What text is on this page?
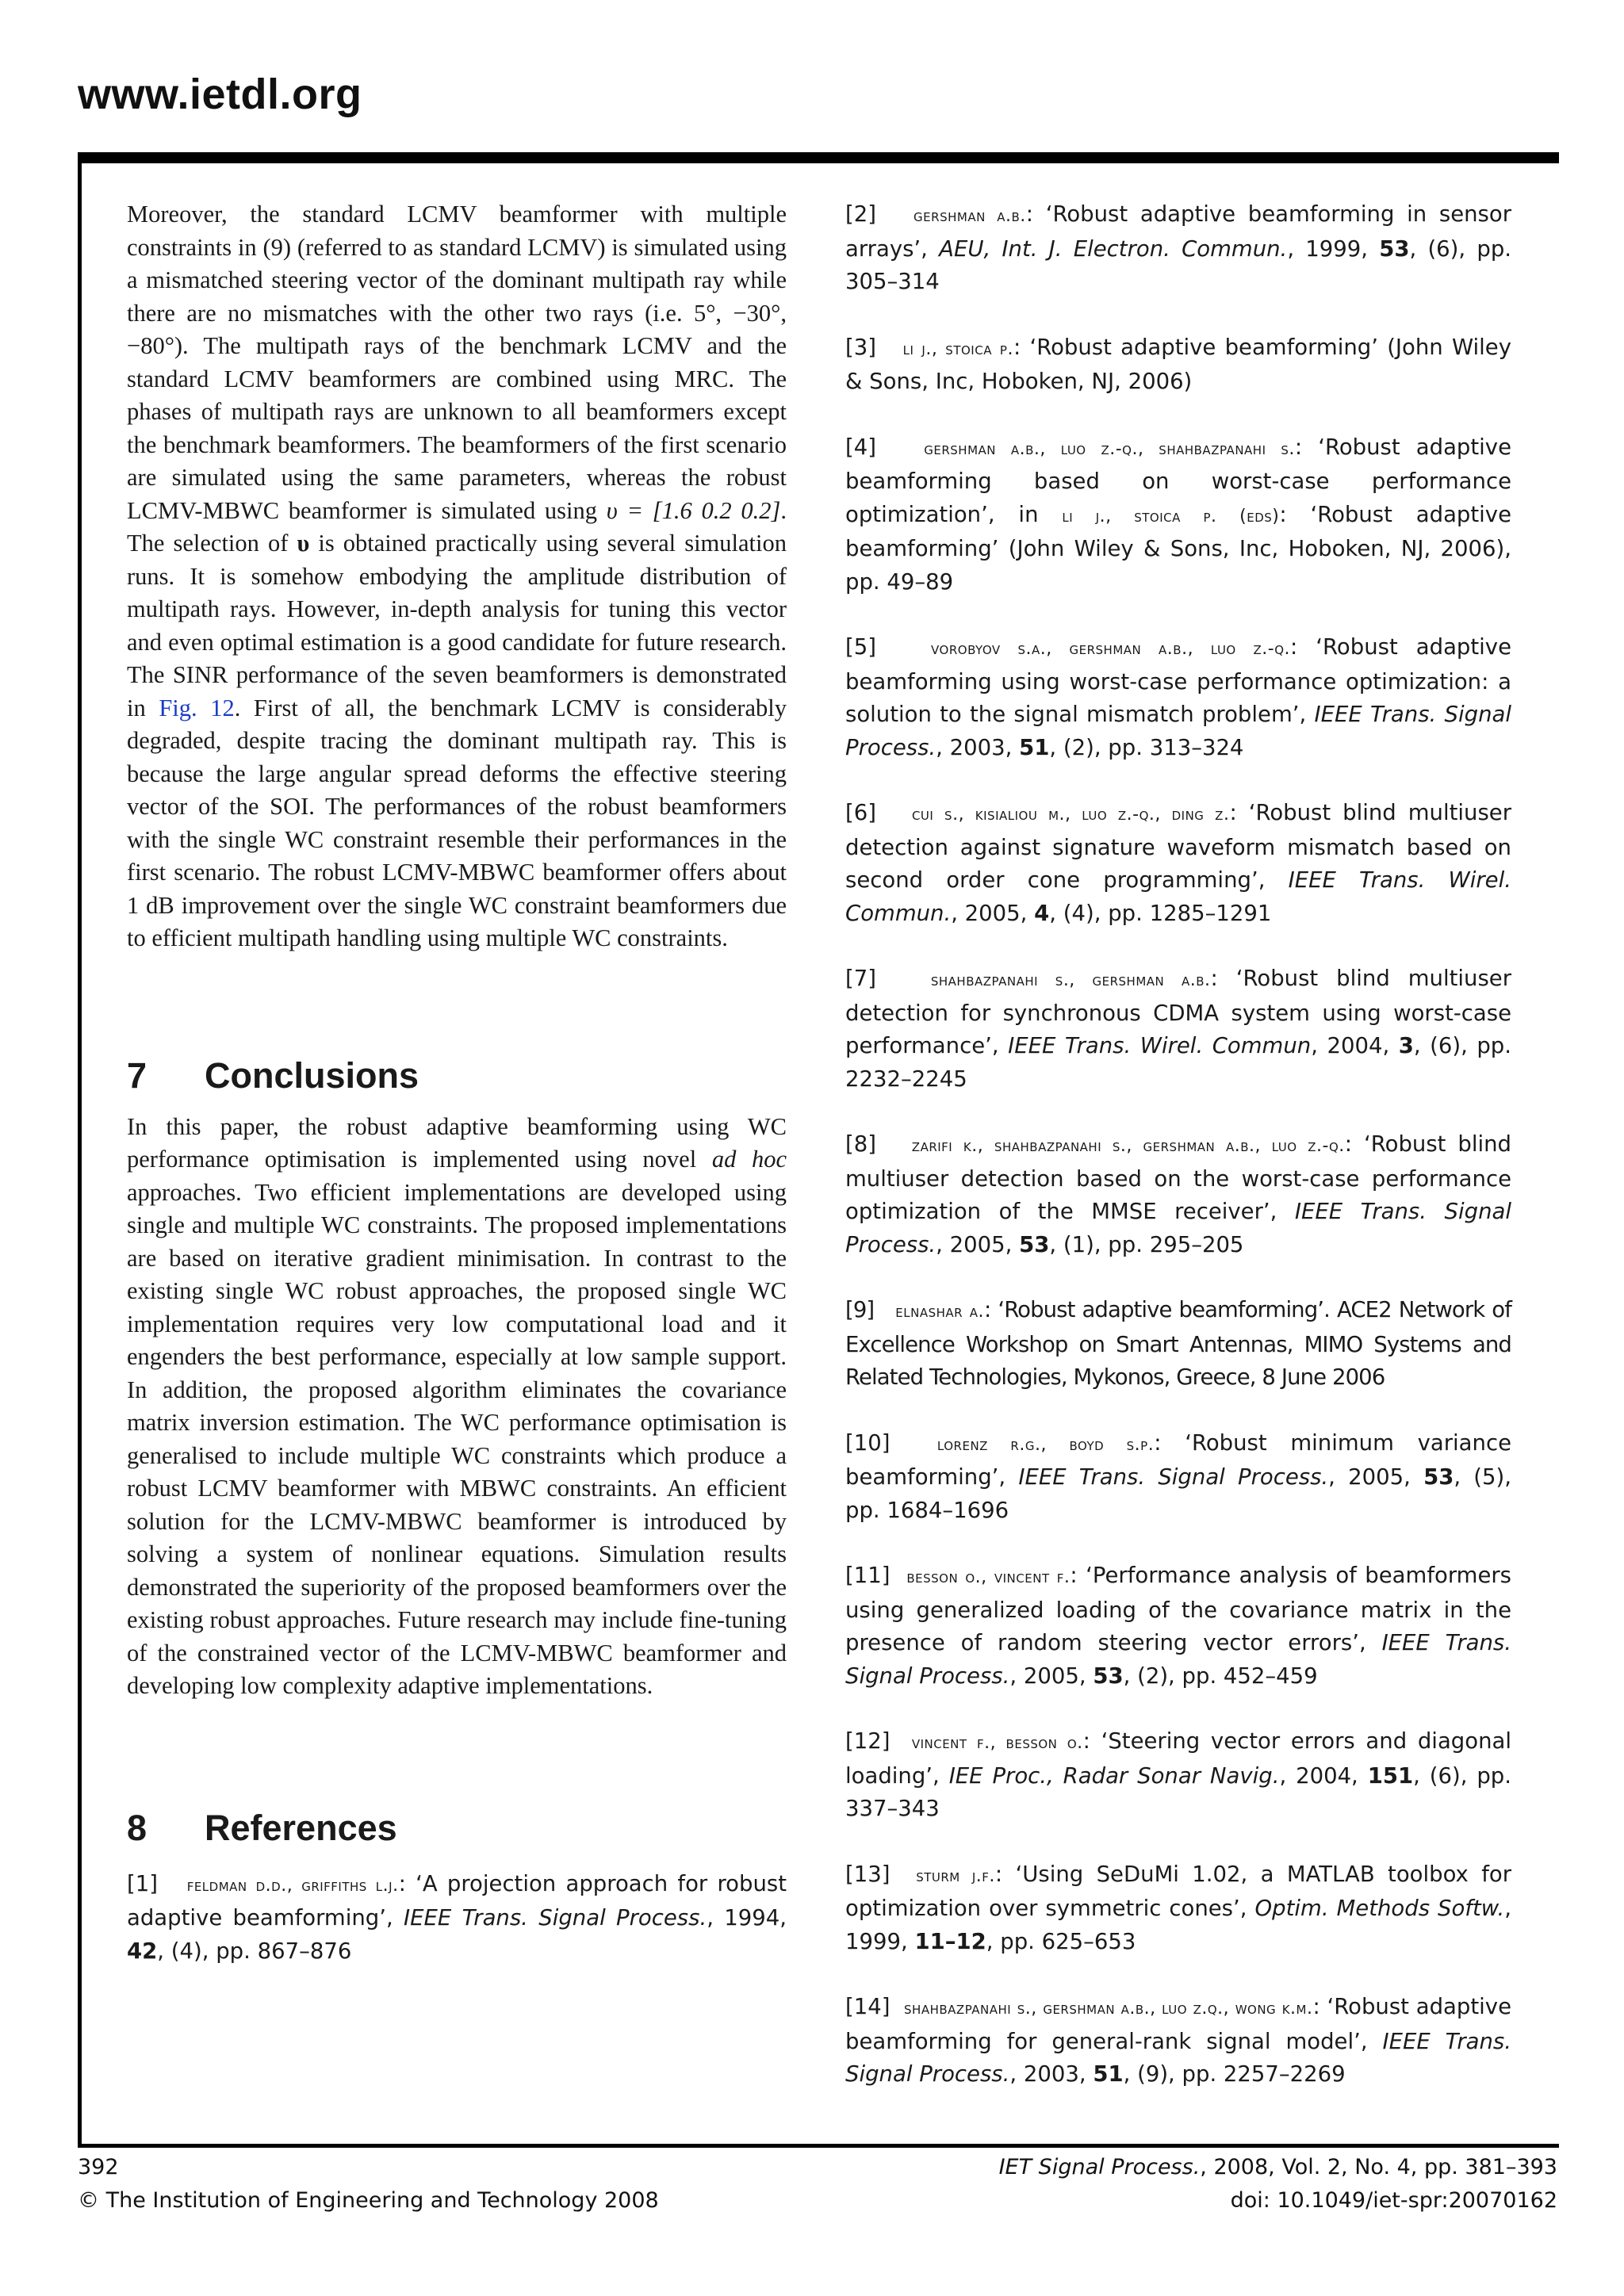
www.ietdl.org

Moreover, the standard LCMV beamformer with multiple constraints in (9) (referred to as standard LCMV) is simulated using a mismatched steering vector of the dominant multipath ray while there are no mismatches with the other two rays (i.e. 5°, −30°, −80°). The multipath rays of the benchmark LCMV and the standard LCMV beamformers are combined using MRC. The phases of multipath rays are unknown to all beamformers except the benchmark beamformers. The beamformers of the first scenario are simulated using the same parameters, whereas the robust LCMV-MBWC beamformer is simulated using υ = [1.6 0.2 0.2]. The selection of υ is obtained practically using several simulation runs. It is somehow embodying the amplitude distribution of multipath rays. However, in-depth analysis for tuning this vector and even optimal estimation is a good candidate for future research. The SINR performance of the seven beamformers is demonstrated in Fig. 12. First of all, the benchmark LCMV is considerably degraded, despite tracing the dominant multipath ray. This is because the large angular spread deforms the effective steering vector of the SOI. The performances of the robust beamformers with the single WC constraint resemble their performances in the first scenario. The robust LCMV-MBWC beamformer offers about 1 dB improvement over the single WC constraint beamformers due to efficient multipath handling using multiple WC constraints.

7	Conclusions

In this paper, the robust adaptive beamforming using WC performance optimisation is implemented using novel ad hoc approaches. Two efficient implementations are developed using single and multiple WC constraints. The proposed implementations are based on iterative gradient minimisation. In contrast to the existing single WC robust approaches, the proposed single WC implementation requires very low computational load and it engenders the best performance, especially at low sample support. In addition, the proposed algorithm eliminates the covariance matrix inversion estimation. The WC performance optimisation is generalised to include multiple WC constraints which produce a robust LCMV beamformer with MBWC constraints. An efficient solution for the LCMV-MBWC beamformer is introduced by solving a system of nonlinear equations. Simulation results demonstrated the superiority of the proposed beamformers over the existing robust approaches. Future research may include fine-tuning of the constrained vector of the LCMV-MBWC beamformer and developing low complexity adaptive implementations.

8	References

[1] feldman d.d., griffiths l.j.: ‘A projection approach for robust adaptive beamforming’, IEEE Trans. Signal Process., 1994, 42, (4), pp. 867–876

[2] gershman a.b.: ‘Robust adaptive beamforming in sensor arrays’, AEU, Int. J. Electron. Commun., 1999, 53, (6), pp. 305–314

[3] li j., stoica p.: ‘Robust adaptive beamforming’ (John Wiley & Sons, Inc, Hoboken, NJ, 2006)

[4]	gershman a.b., luo z.-q., shahbazpanahi s.: ‘Robust adaptive beamforming based on worst-case performance optimization’, in li j., stoica p. (eds): ‘Robust adaptive beamforming’ (John Wiley & Sons, Inc, Hoboken, NJ, 2006), pp. 49–89

[5]	vorobyov s.a., gershman a.b., luo z.-q.: ‘Robust adaptive beamforming using worst-case performance optimization: a solution to the signal mismatch problem’, IEEE Trans. Signal Process., 2003, 51, (2), pp. 313–324

[6] cui s., kisialiou m., luo z.-q., ding z.: ‘Robust blind multiuser detection against signature waveform mismatch based on second order cone programming’, IEEE Trans. Wirel. Commun., 2005, 4, (4), pp. 1285–1291

[7]	shahbazpanahi s., gershman a.b.: ‘Robust blind multiuser detection for synchronous CDMA system using worst-case performance’, IEEE Trans. Wirel. Commun, 2004, 3, (6), pp. 2232–2245

[8] zarifi k., shahbazpanahi s., gershman a.b., luo z.-q.: ‘Robust blind multiuser detection based on the worst-case performance optimization of the MMSE receiver’, IEEE Trans. Signal Process., 2005, 53, (1), pp. 295–205

[9] elnashar a.: ‘Robust adaptive beamforming’. ACE2 Network of Excellence Workshop on Smart Antennas, MIMO Systems and Related Technologies, Mykonos, Greece, 8 June 2006

[10]	lorenz r.g., boyd s.p.: ‘Robust minimum variance beamforming’, IEEE Trans. Signal Process., 2005, 53, (5), pp. 1684–1696

[11] besson o., vincent f.: ‘Performance analysis of beamformers using generalized loading of the covariance matrix in the presence of random steering vector errors’, IEEE Trans. Signal Process., 2005, 53, (2), pp. 452–459

[12] vincent f., besson o.: ‘Steering vector errors and diagonal loading’, IEE Proc., Radar Sonar Navig., 2004, 151, (6), pp. 337–343

[13] sturm j.f.: ‘Using SeDuMi 1.02, a MATLAB toolbox for optimization over symmetric cones’, Optim. Methods Softw., 1999, 11–12, pp. 625–653

[14] shahbazpanahi s., gershman a.b., luo z.q., wong k.m.: ‘Robust adaptive beamforming for general-rank signal model’, IEEE Trans. Signal Process., 2003, 51, (9), pp. 2257–2269

392
© The Institution of Engineering and Technology 2008
IET Signal Process., 2008, Vol. 2, No. 4, pp. 381–393
doi: 10.1049/iet-spr:20070162
